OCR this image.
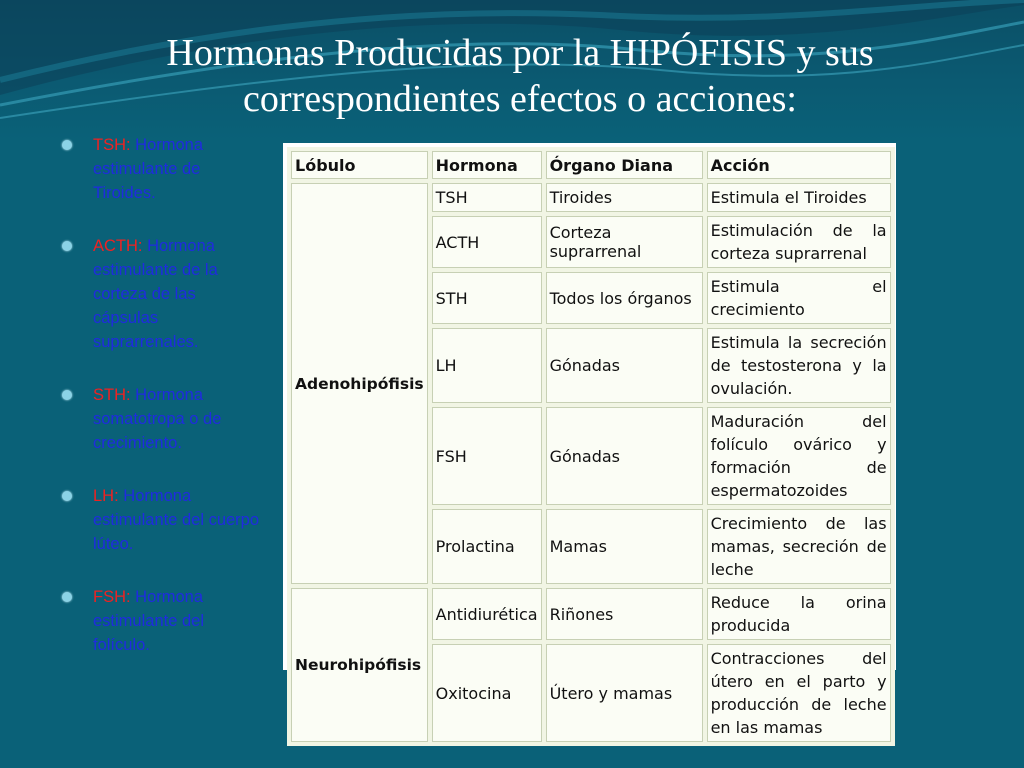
Hormonas Producidas por la HIPÓFISIS y sus
correspondientes efectos o acciones:
TSH: Hormona estimulante de Tiroides.
ACTH: Hormona estimulante de la corteza de las cápsulas suprarrenales.
STH: Hormona somatotropa o de crecimiento.
LH: Hormona estimulante del cuerpo lúteo.
FSH: Hormona estimulante del folículo.
Lóbulo	Hormona	Órgano Diana	Acción
Adenohipófisis	TSH	Tiroides	Estimula el Tiroides
	ACTH	Corteza suprarrenal	Estimulación de la corteza suprarrenal
	STH	Todos los órganos	Estimula el crecimiento
	LH	Gónadas	Estimula la secreción de testosterona y la ovulación.
	FSH	Gónadas	Maduración del folículo ovárico y formación de espermatozoides
	Prolactina	Mamas	Crecimiento de las mamas, secreción de leche
Neurohipófisis	Antidiurética	Riñones	Reduce la orina producida
	Oxitocina	Útero y mamas	Contracciones del útero en el parto y producción de leche en las mamas
